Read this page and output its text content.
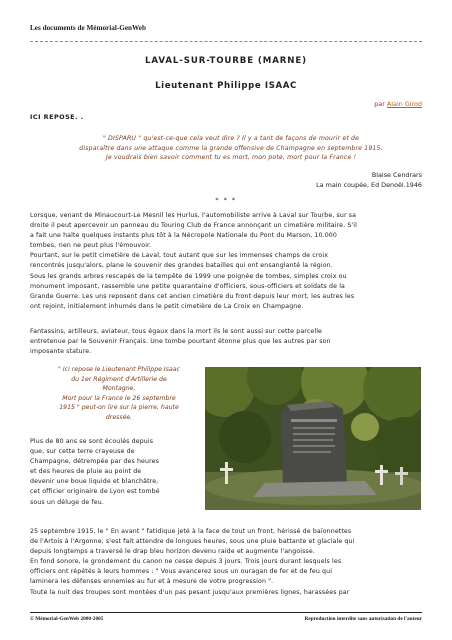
Les documents de Mémorial-GenWeb
LAVAL-SUR-TOURBE (MARNE)
Lieutenant Philippe ISAAC
par Alain Girod
ICI REPOSE. .
" DISPARU " qu'est-ce-que cela veut dire ? Il y a tant de façons de mourir et de
disparaître dans une attaque comme la grande offensive de Champagne en septembre 1915.
Je voudrais bien savoir comment tu es mort, mon pote, mort pour la France !
Blaise Cendrars
La main coupée, Ed Denoël.1946
* * *

Lorsque, venant de Minaucourt-Le Mesnil les Hurlus, l'automobiliste arrive à Laval sur Tourbe, sur sa

droite il peut apercevoir un panneau du Touring Club de France annonçant un cimetière militaire. S'il

a fait une halte quelques instants plus tôt à la Nécropole Nationale du Pont du Marson, 10.000

tombes, rien ne peut plus l'émouvoir.

Pourtant, sur le petit cimetière de Laval, tout autant que sur les immenses champs de croix

rencontrés jusqu'alors, plane le souvenir des grandes batailles qui ont ensanglanté la région.

Sous les grands arbres rescapés de la tempête de 1999 une poignée de tombes, simples croix ou

monument imposant, rassemble une petite quarantaine d'officiers, sous-officiers et soldats de la

Grande Guerre. Les uns reposent dans cet ancien cimetière du front depuis leur mort, les autres les

ont rejoint, initialement inhumés dans le petit cimetière de La Croix en Champagne.

Fantassins, artilleurs, aviateur, tous égaux dans la mort ils le sont aussi sur cette parcelle

entretenue par le Souvenir Français. Une tombe pourtant étonne plus que les autres par son

imposante stature.

" Ici repose le Lieutenant Philippe Isaac
du 1er Régiment d'Artillerie de
Montagne,
Mort pour la France le 26 septembre
1915 " peut-on lire sur la pierre, haute
dressée.

Plus de 80 ans se sont écoulés depuis

que, sur cette terre crayeuse de

Champagne, détrempée par des heures

et des heures de pluie au point de

devenir une boue liquide et blanchâtre,

cet officier originaire de Lyon est tombé

sous un déluge de feu.

25 septembre 1915, le " En avant " fatidique jeté à la face de tout un front, hérissé de baïonnettes

de l'Artois à l'Argonne, s'est fait attendre de longues heures, sous une pluie battante et glaciale qui

depuis longtemps a traversé le drap bleu horizon devenu raide et augmente l'angoisse.

En fond sonore, le grondement du canon ne cesse depuis 3 jours. Trois jours durant lesquels les

officiers ont répétés à leurs hommes : " Vous avancerez sous un ouragan de fer et de feu qui

laminera les défenses ennemies au fur et à mesure de votre progression ".

Toute la nuit des troupes sont montées d'un pas pesant jusqu'aux premières lignes, harassées par

© Mémorial-GenWeb 2000-2005	Reproduction interdite sans autorisation de l'auteur
